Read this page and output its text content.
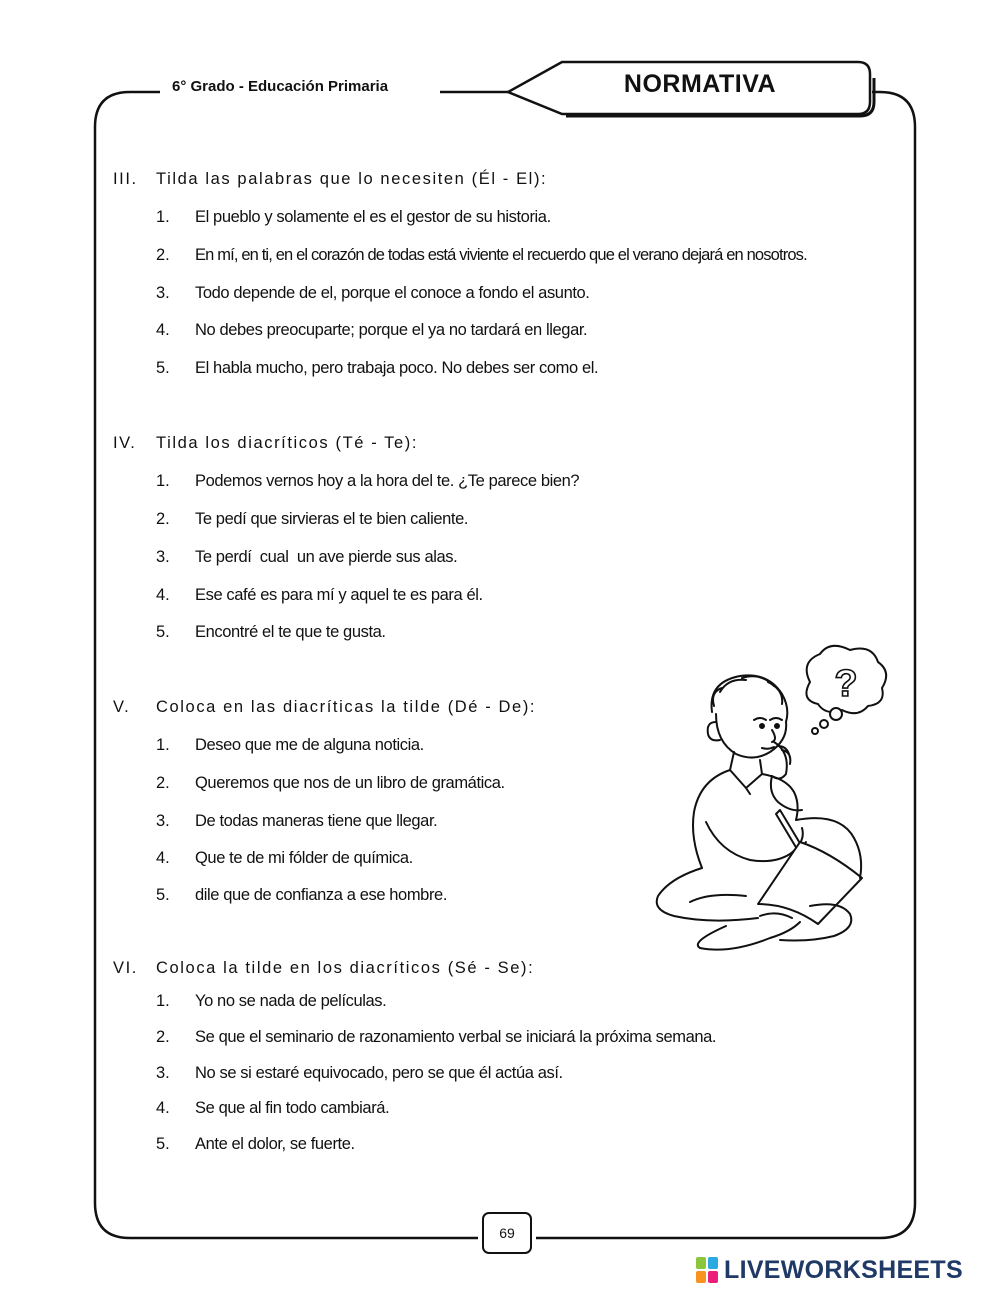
6° Grado - Educación Primaria	NORMATIVA
III. Tilda las palabras que lo necesiten (Él - El):
1. El pueblo y solamente el es el gestor de su historia.
2. En mí, en ti, en el corazón de todas está viviente el recuerdo que el verano dejará en nosotros.
3. Todo depende de el, porque el conoce a fondo el asunto.
4. No debes preocuparte; porque el ya no tardará en llegar.
5. El habla mucho, pero trabaja poco. No debes ser como el.
IV. Tilda los diacríticos (Té - Te):
1. Podemos vernos hoy a la hora del te. ¿Te parece bien?
2. Te pedí que sirvieras el te bien caliente.
3. Te perdí  cual  un ave pierde sus alas.
4. Ese café es para mí y aquel te es para él.
5. Encontré el te que te gusta.
V. Coloca en las diacríticas la tilde (Dé - De):
1. Deseo que me de alguna noticia.
2. Queremos que nos de un libro de gramática.
3. De todas maneras tiene que llegar.
4. Que te de mi fólder de química.
5. dile que de confianza a ese hombre.
VI. Coloca la tilde en los diacríticos (Sé - Se):
1. Yo no se nada de películas.
2. Se que el seminario de razonamiento verbal se iniciará la próxima semana.
3. No se si estaré equivocado, pero se que él actúa así.
4. Se que al fin todo cambiará.
5. Ante el dolor, se fuerte.
?
69
LIVEWORKSHEETS
